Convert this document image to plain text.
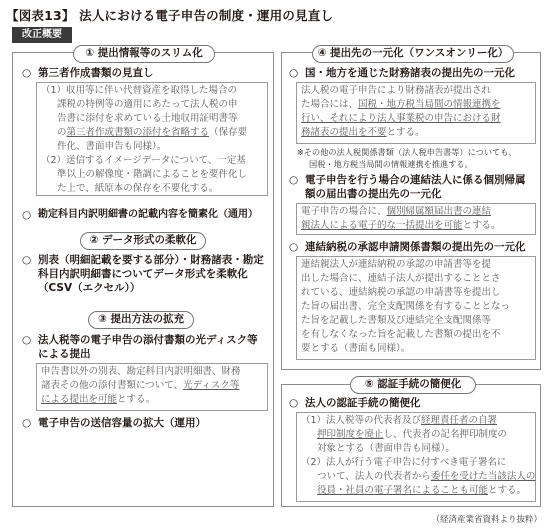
【図表13】 法人における電子申告の制度・運用の見直し
改正概要
① 提出情報等のスリム化
○ 第三者作成書類の見直し
（1）収用等に伴い代替資産を取得した場合の
課税の特例等の適用にあたって法人税の申
告書に添付を求めている土地収用証明書等
の第三者作成書類の添付を省略する（保存要
件化、書面申告も同様）。
（2）送信するイメージデータについて、一定基
準以上の解像度・階調によることを要件化し
た上で、紙原本の保存を不要化する。
○ 勘定科目内訳明細書の記載内容を簡素化（通用）
② データ形式の柔軟化
○ 別表（明細記載を要する部分）・財務諸表・勘定
科目内訳明細書についてデータ形式を柔軟化
（CSV（エクセル））
③ 提出方法の拡充
○ 法人税等の電子申告の添付書類の光ディスク等
による提出
申告書以外の別表、勘定科目内訳明細書、財務
諸表その他の添付書類について、光ディスク等
による提出を可能とする。
○ 電子申告の送信容量の拡大（運用）
④ 提出先の一元化（ワンスオンリー化）
○ 国・地方を通じた財務諸表の提出先の一元化
法人税の電子申告により財務諸表が提出され
た場合には、国税・地方税当局間の情報連携を
行い、それにより法人事業税の申告における財
務諸表の提出を不要とする。
※その他の法人税関係書類（法人税申告書等）についても、
国税・地方税当局間の情報連携を推進する。
○ 電子申告を行う場合の連結法人に係る個別帰属
額の届出書の提出先の一元化
電子申告の場合に、個別帰属額届出書の連結
親法人による電子的な一括提出を可能とする。
○ 連結納税の承認申請関係書類の提出先の一元化
連結親法人が連結納税の承認の申請書等を提
出した場合に、連結子法人が提出することとさ
れている、連結納税の承認の申請書等を提出し
た旨の届出書、完全支配関係を有することとなっ
た旨を記載した書類及び連結完全支配関係等
を有しなくなった旨を記載した書類の提出を不
要とする（書面も同様）。
⑤ 認証手続の簡便化
○ 法人の認証手続の簡便化
（1）法人税等の代表者及び経理責任者の自署
押印制度を廃止し、代表者の記名押印制度の
対象とする（書面申告も同様）。
（2）法人が行う電子申告に付すべき電子署名に
ついて、法人の代表者から委任を受けた当該法人の
役員・社員の電子署名によることも可能とする。
（経済産業省資料より抜粋）
